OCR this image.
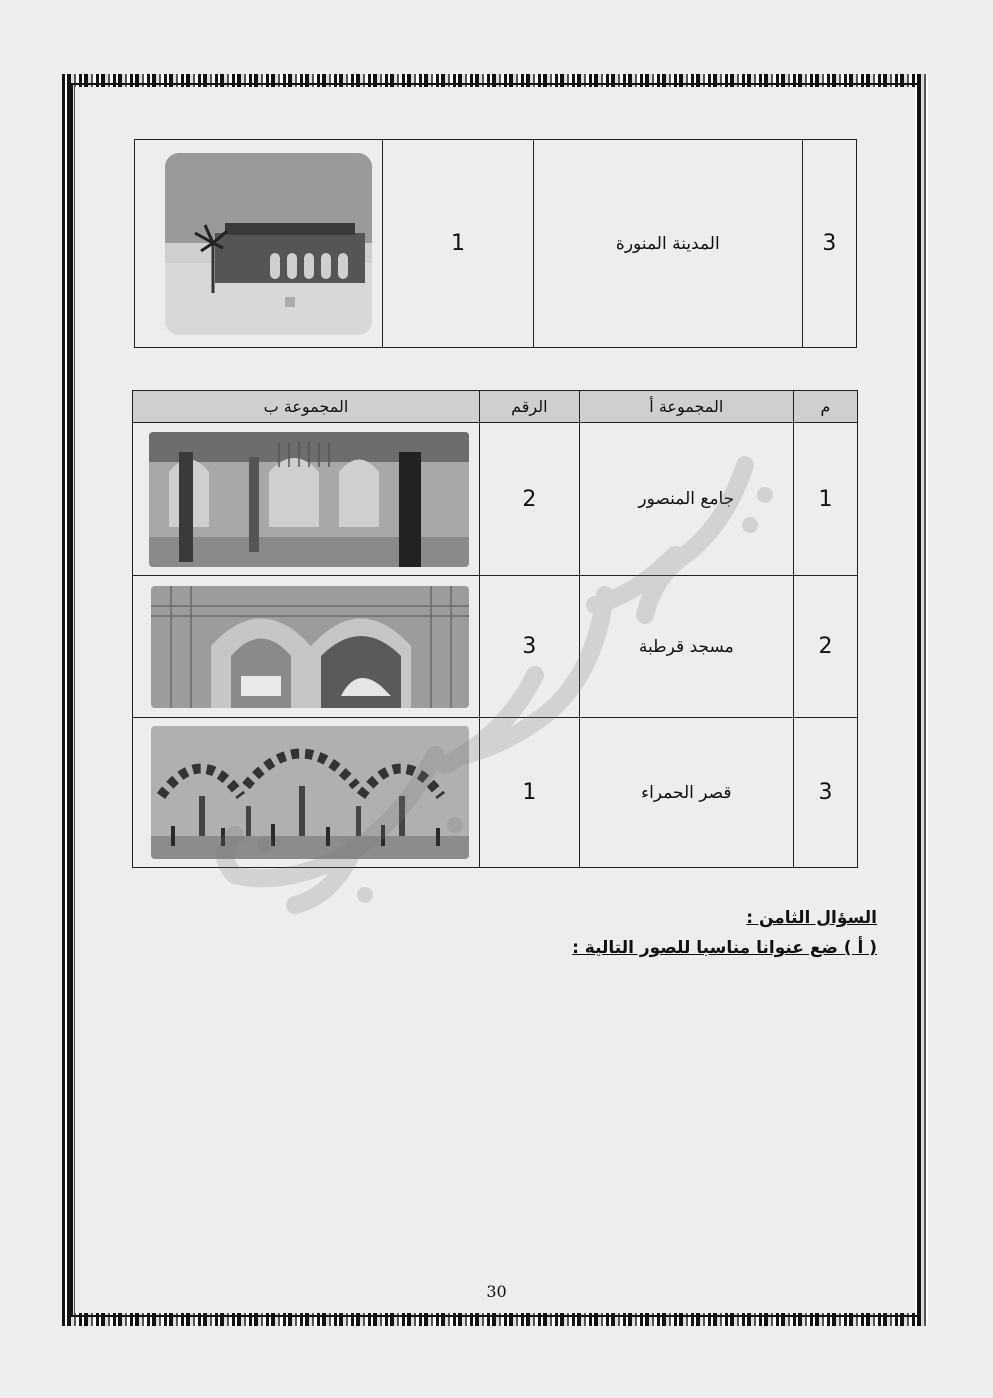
3	المدينة المنورة	1	
م	المجموعة أ	الرقم	المجموعة ب
1	جامع المنصور	2	

2	مسجد قرطبة	3	

3	قصر الحمراء	1	
السؤال الثامن :
( أ ) ضع عنوانا مناسبا للصور التالية :
30
